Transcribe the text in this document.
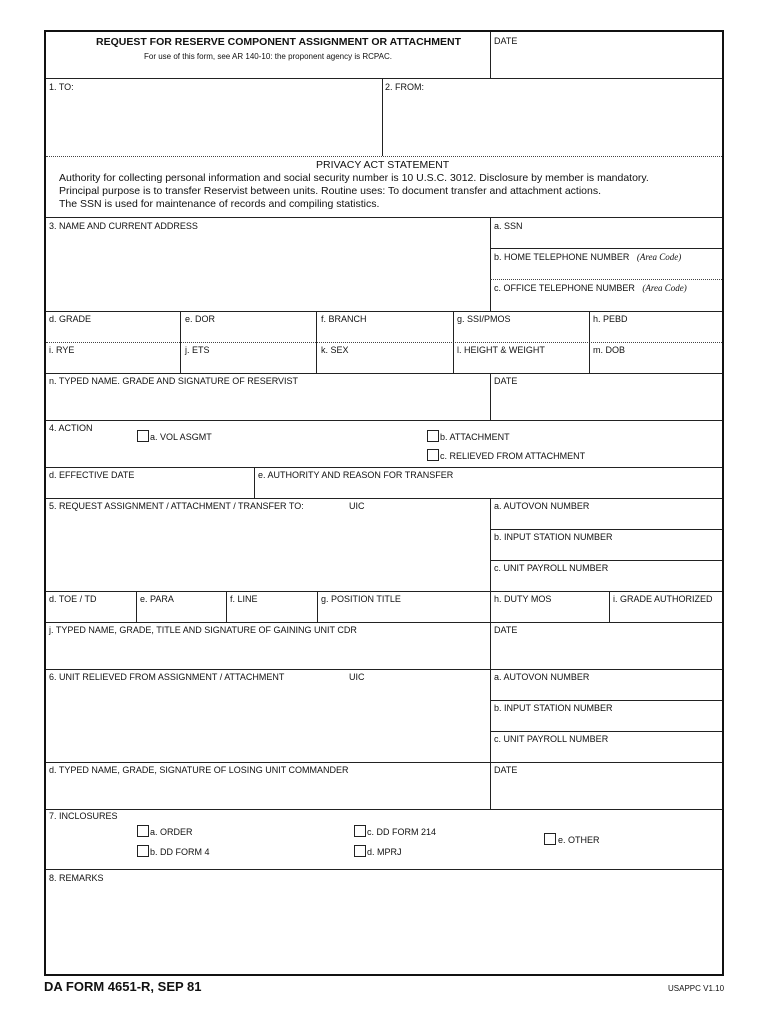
REQUEST FOR RESERVE COMPONENT ASSIGNMENT OR ATTACHMENT
For use of this form, see AR 140-10: the proponent agency is RCPAC.
DATE
1. TO:	2. FROM:
PRIVACY ACT STATEMENT
Authority for collecting personal information and social security number is 10 U.S.C. 3012. Disclosure by member is mandatory.
Principal purpose is to transfer Reservist between units. Routine uses: To document transfer and attachment actions.
The SSN is used for maintenance of records and compiling statistics.
3. NAME AND CURRENT ADDRESS	a. SSN
b. HOME TELEPHONE NUMBER (Area Code)
c. OFFICE TELEPHONE NUMBER (Area Code)
d. GRADE	e. DOR	f. BRANCH	g. SSI/PMOS	h. PEBD
i. RYE	j. ETS	k. SEX	l. HEIGHT & WEIGHT	m. DOB
n. TYPED NAME. GRADE AND SIGNATURE OF RESERVIST	DATE
4. ACTION
a. VOL ASGMT	b. ATTACHMENT
c. RELIEVED FROM ATTACHMENT
d. EFFECTIVE DATE	e. AUTHORITY AND REASON FOR TRANSFER
5. REQUEST ASSIGNMENT / ATTACHMENT / TRANSFER TO:	UIC	a. AUTOVON NUMBER
b. INPUT STATION NUMBER
c. UNIT PAYROLL NUMBER
d. TOE / TD	e. PARA	f. LINE	g. POSITION TITLE	h. DUTY MOS	i. GRADE AUTHORIZED
j. TYPED NAME, GRADE, TITLE AND SIGNATURE OF GAINING UNIT CDR	DATE
6. UNIT RELIEVED FROM ASSIGNMENT / ATTACHMENT	UIC	a. AUTOVON NUMBER
b. INPUT STATION NUMBER
c. UNIT PAYROLL NUMBER
d. TYPED NAME, GRADE, SIGNATURE OF LOSING UNIT COMMANDER	DATE
7. INCLOSURES
a. ORDER
b. DD FORM 4
c. DD FORM 214
d. MPRJ
e. OTHER
8. REMARKS
DA FORM 4651-R, SEP 81	USAPPC V1.10
